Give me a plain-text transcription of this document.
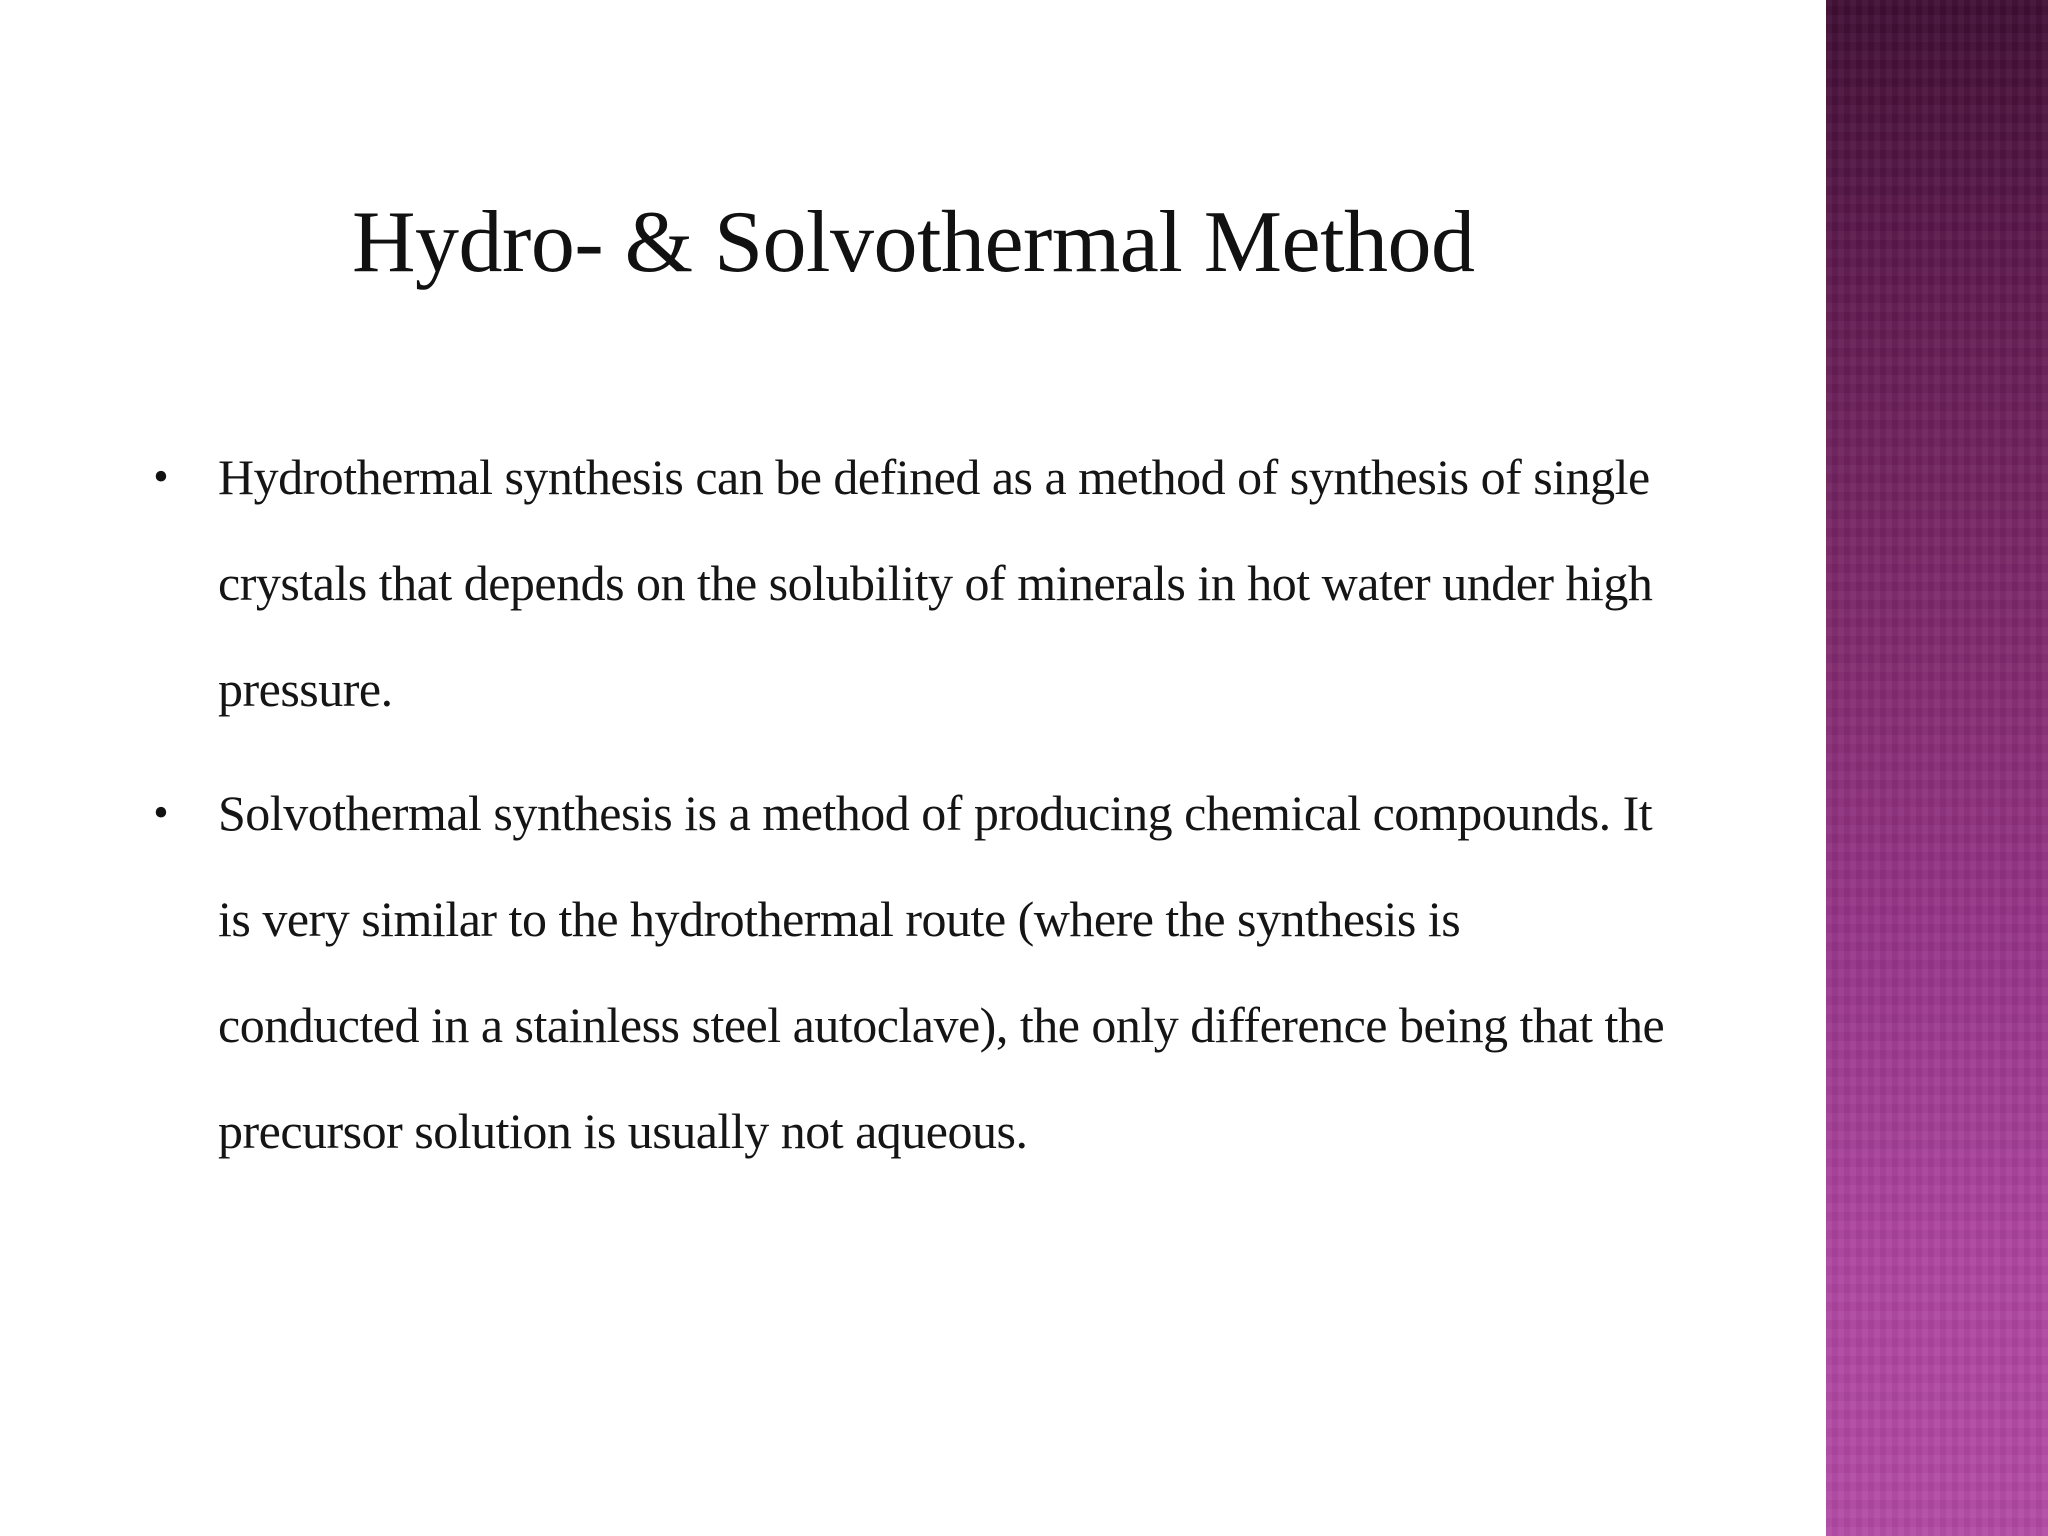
Hydro- & Solvothermal Method
• Hydrothermal synthesis can be defined as a method of synthesis of single crystals that depends on the solubility of minerals in hot water under high pressure.
• Solvothermal synthesis is a method of producing chemical compounds. It is very similar to the hydrothermal route (where the synthesis is conducted in a stainless steel autoclave), the only difference being that the precursor solution is usually not aqueous.
